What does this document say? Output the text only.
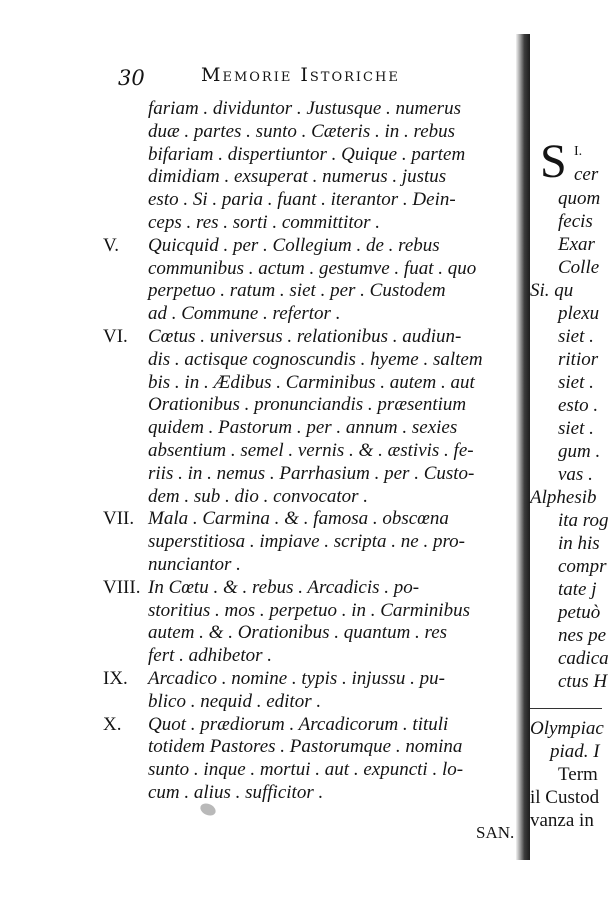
30	Memorie Istoriche
fariam . dividuntor . Justusque . numerus
duæ . partes . sunto . Cæteris . in . rebus
bifariam . dispertiuntor . Quique . partem
dimidiam . exsuperat . numerus . justus
esto . Si . paria . fuant . iterantor . Dein-
ceps . res . sorti . committitor .
V. Quicquid . per . Collegium . de . rebus
communibus . actum . gestumve . fuat . quo
perpetuo . ratum . siet . per . Custodem
ad . Commune . refertor .
VI. Cœtus . universus . relationibus . audiun-
dis . actisque cognoscundis . hyeme . saltem
bis . in . Ædibus . Carminibus . autem . aut
Orationibus . pronunciandis . præsentium
quidem . Pastorum . per . annum . sexies
absentium . semel . vernis . & . æstivis . fe-
riis . in . nemus . Parrhasium . per . Custo-
dem . sub . dio . convocator .
VII. Mala . Carmina . & . famosa . obscœna
superstitiosa . impiave . scripta . ne . pro-
nunciantor .
VIII. In Cœtu . & . rebus . Arcadicis . po-
storitius . mos . perpetuo . in . Carminibus
autem . & . Orationibus . quantum . res
fert . adhibetor .
IX. Arcadico . nomine . typis . injussu . pu-
blico . nequid . editor .
X. Quot . prædiorum . Arcadicorum . tituli
totidem Pastores . Pastorumque . nomina
sunto . inque . mortui . aut . expuncti . lo-
cum . alius . sufficitor .
SAN.
S I.
cer
quom
fecis
Exar
Colle
Si. qu
plexu
siet .
ritior
siet .
esto .
siet .
gum .
vas .
Alphesib
ita rog
in his
compr
tate j
petuò
nes pe
cadica
ctus H
Olympiac
piad. I
Term
il Custod
vanza in
